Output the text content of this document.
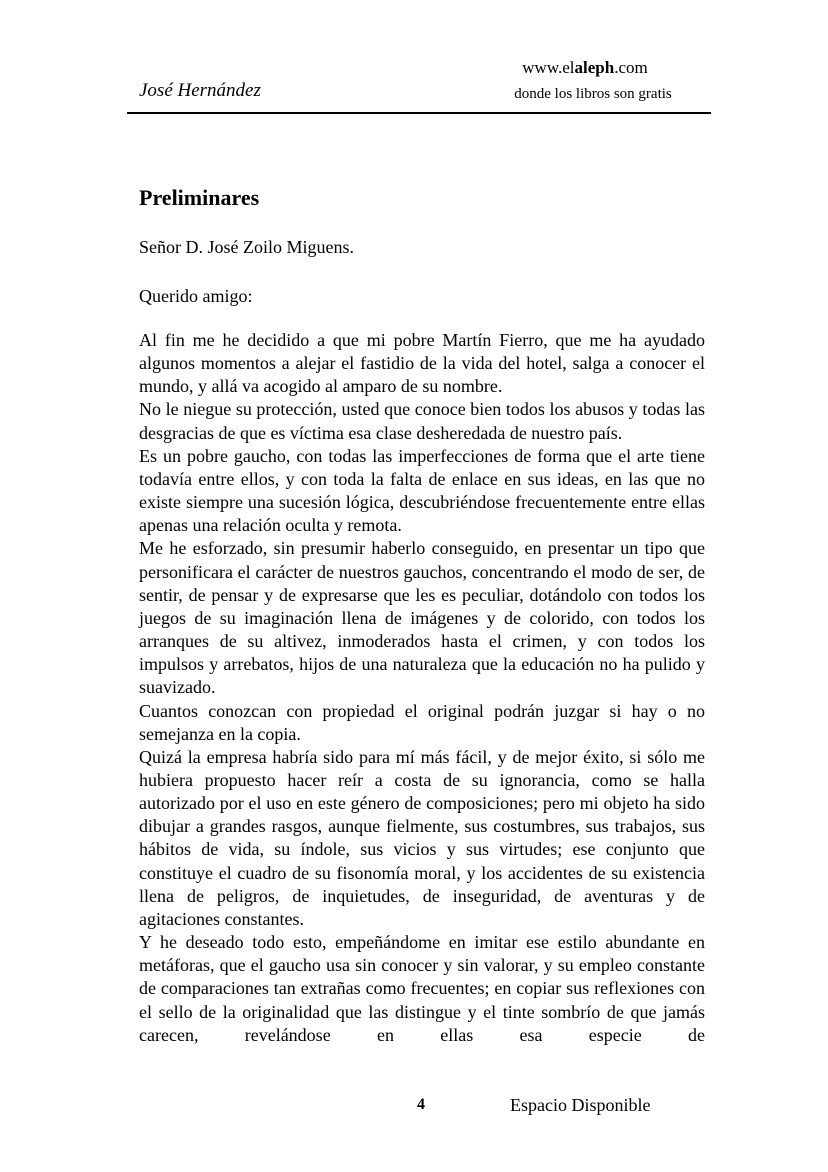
José Hernández
www.elaleph.com
donde los libros son gratis
Preliminares

Señor D. José Zoilo Miguens.

Querido amigo:

Al fin me he decidido a que mi pobre Martín Fierro, que me ha ayudado algunos momentos a alejar el fastidio de la vida del hotel, salga a conocer el mundo, y allá va acogido al amparo de su nombre.

No le niegue su protección, usted que conoce bien todos los abusos y todas las desgracias de que es víctima esa clase desheredada de nuestro país.

Es un pobre gaucho, con todas las imperfecciones de forma que el arte tiene todavía entre ellos, y con toda la falta de enlace en sus ideas, en las que no existe siempre una sucesión lógica, descubriéndose frecuentemente entre ellas apenas una relación oculta y remota.

Me he esforzado, sin presumir haberlo conseguido, en presentar un tipo que personificara el carácter de nuestros gauchos, concentrando el modo de ser, de sentir, de pensar y de expresarse que les es peculiar, dotándolo con todos los juegos de su imaginación llena de imágenes y de colorido, con todos los arranques de su altivez, inmoderados hasta el crimen, y con todos los impulsos y arrebatos, hijos de una naturaleza que la educación no ha pulido y suavizado.

Cuantos conozcan con propiedad el original podrán juzgar si hay o no semejanza en la copia.

Quizá la empresa habría sido para mí más fácil, y de mejor éxito, si sólo me hubiera propuesto hacer reír a costa de su ignorancia, como se halla autorizado por el uso en este género de composiciones; pero mi objeto ha sido dibujar a grandes rasgos, aunque fielmente, sus costumbres, sus trabajos, sus hábitos de vida, su índole, sus vicios y sus virtudes; ese conjunto que constituye el cuadro de su fisonomía moral, y los accidentes de su existencia llena de peligros, de inquietudes, de inseguridad, de aventuras y de agitaciones constantes.

Y he deseado todo esto, empeñándome en imitar ese estilo abundante en metáforas, que el gaucho usa sin conocer y sin valorar, y su empleo constante de comparaciones tan extrañas como frecuentes; en copiar sus reflexiones con el sello de la originalidad que las distingue y el tinte sombrío de que jamás carecen, revelándose en ellas esa especie de

4	Espacio Disponible
